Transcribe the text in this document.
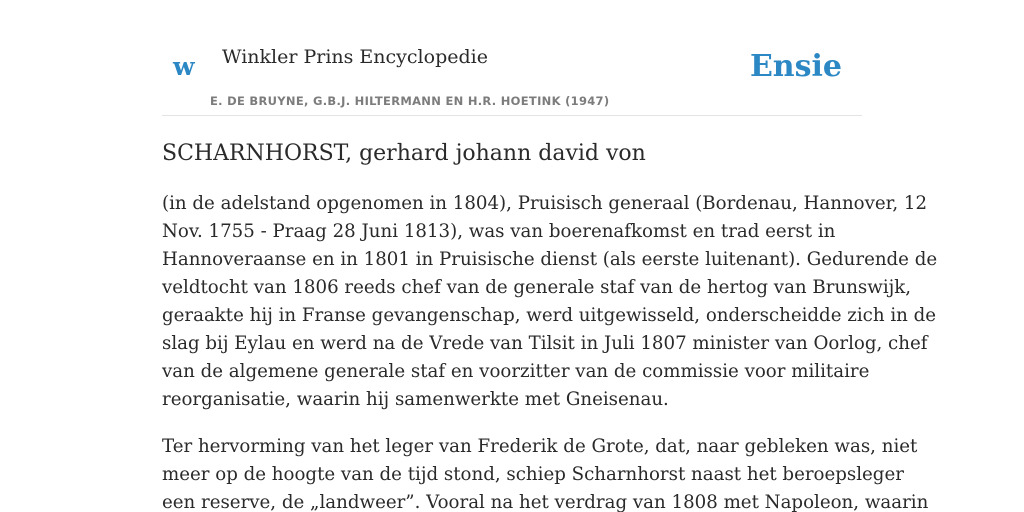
w Winkler Prins Encyclopedie
E. DE BRUYNE, G.B.J. HILTERMANN EN H.R. HOETINK (1947)
Ensie
SCHARNHORST, gerhard johann david von

(in de adelstand opgenomen in 1804), Pruisisch generaal (Bordenau, Hannover, 12
Nov. 1755 - Praag 28 Juni 1813), was van boerenafkomst en trad eerst in
Hannoveraanse en in 1801 in Pruisische dienst (als eerste luitenant). Gedurende de
veldtocht van 1806 reeds chef van de generale staf van de hertog van Brunswijk,
geraakte hij in Franse gevangenschap, werd uitgewisseld, onderscheidde zich in de
slag bij Eylau en werd na de Vrede van Tilsit in Juli 1807 minister van Oorlog, chef
van de algemene generale staf en voorzitter van de commissie voor militaire
reorganisatie, waarin hij samenwerkte met Gneisenau.

Ter hervorming van het leger van Frederik de Grote, dat, naar gebleken was, niet
meer op de hoogte van de tijd stond, schiep Scharnhorst naast het beroepsleger
een reserve, de „landweer”. Vooral na het verdrag van 1808 met Napoleon, waarin
